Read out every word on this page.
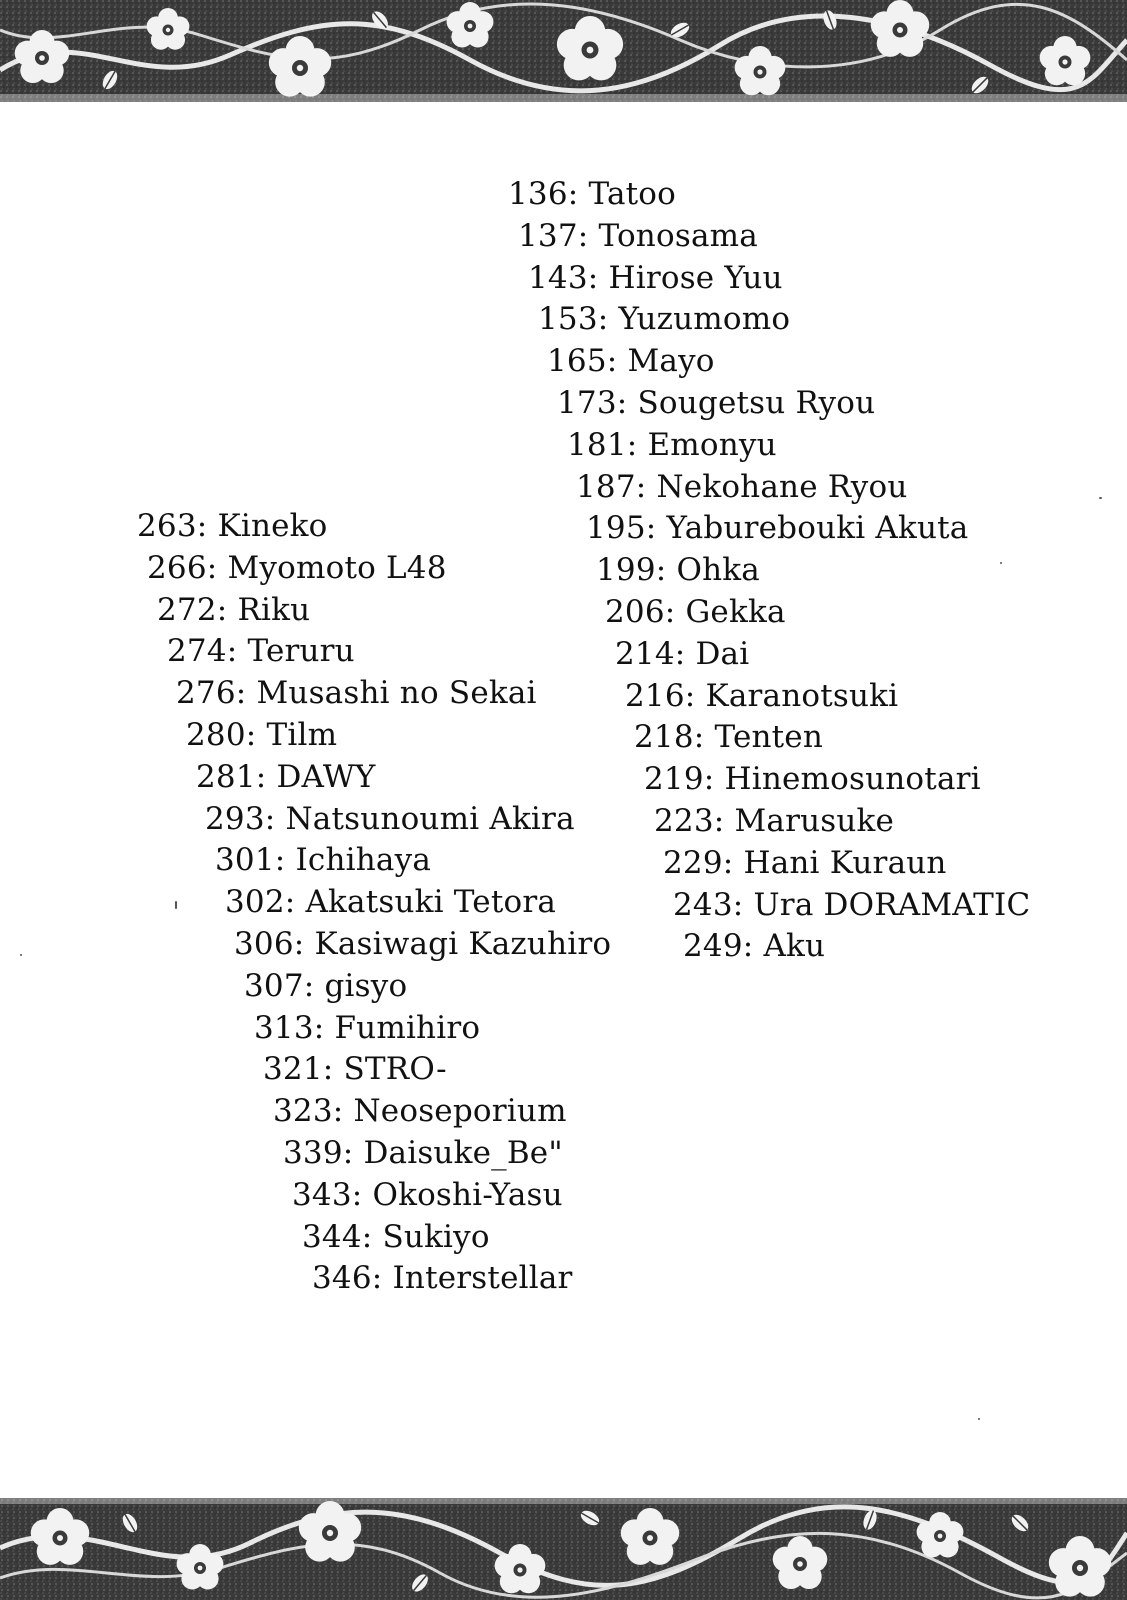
136: Tatoo
137: Tonosama
143: Hirose Yuu
153: Yuzumomo
165: Mayo
173: Sougetsu Ryou
181: Emonyu
187: Nekohane Ryou
195: Yaburebouki Akuta
199: Ohka
206: Gekka
214: Dai
216: Karanotsuki
218: Tenten
219: Hinemosunotari
223: Marusuke
229: Hani Kuraun
243: Ura DORAMATIC
249: Aku
263: Kineko
266: Myomoto L48
272: Riku
274: Teruru
276: Musashi no Sekai
280: Tilm
281: DAWY
293: Natsunoumi Akira
301: Ichihaya
302: Akatsuki Tetora
306: Kasiwagi Kazuhiro
307: gisyo
313: Fumihiro
321: STRO-
323: Neoseporium
339: Daisuke_Be"
343: Okoshi-Yasu
344: Sukiyo
346: Interstellar
